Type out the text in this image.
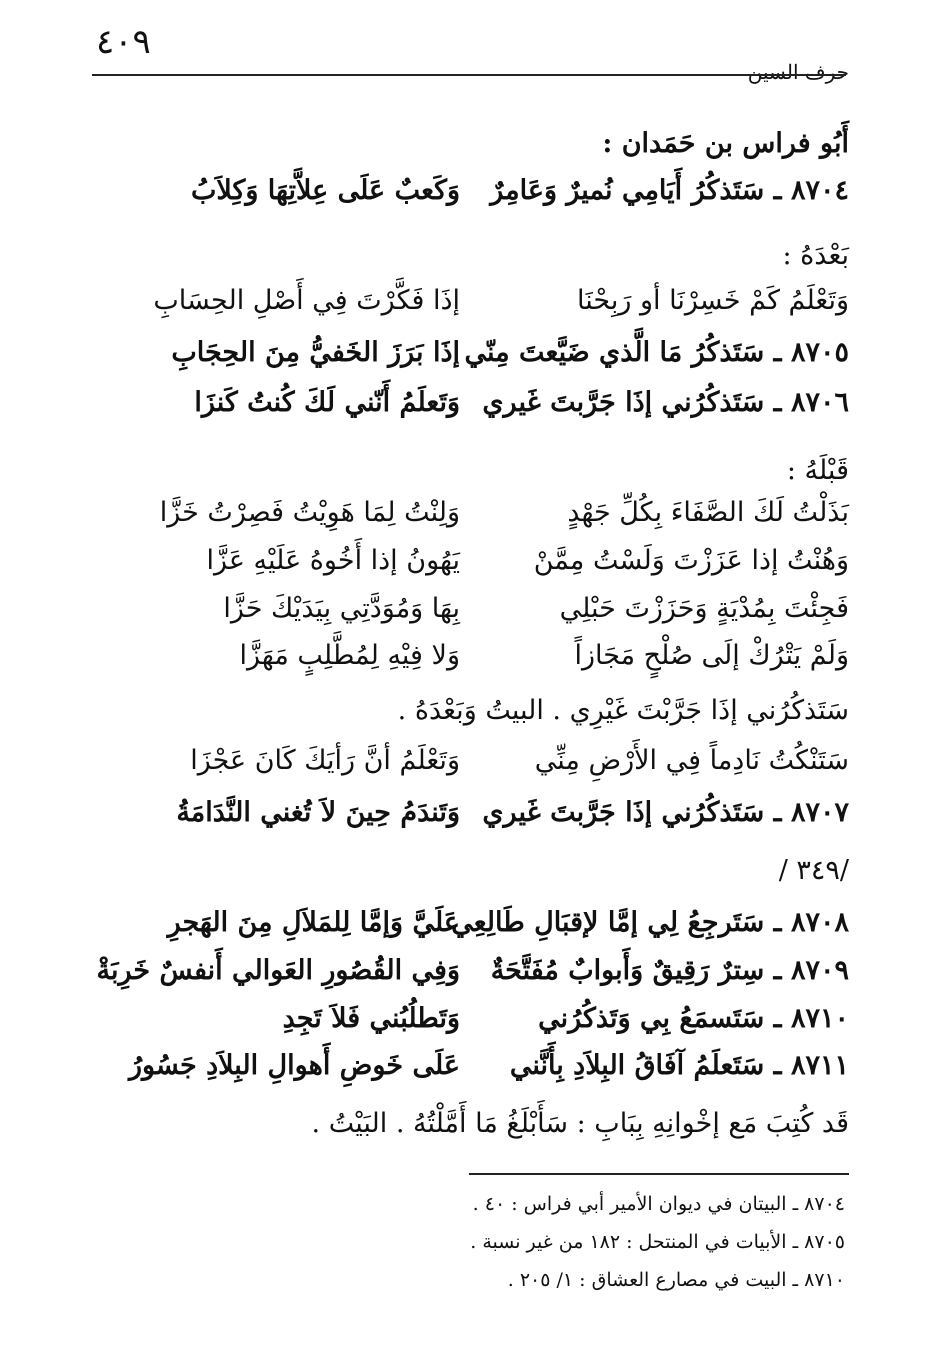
٤٠٩
حرف السين
أَبُو فراس بن حَمَدان :
٨٧٠٤ ـ سَتَذكُرُ أَيَامِي نُميرٌ وَعَامِرٌ
وَكَعبٌ عَلَى عِلاَّتِهَا وَكِلاَبُ
بَعْدَهُ :
وَتَعْلَمُ كَمْ خَسِرْنَا أو رَبِحْنَا
إذَا فَكَّرْتَ فِي أَصْلِ الحِسَابِ
٨٧٠٥ ـ سَتَذكُرُ مَا الَّذي ضَيَّعتَ مِنّي
إذَا بَرَزَ الخَفيُّ مِنَ الحِجَابِ
٨٧٠٦ ـ سَتَذكُرُني إذَا جَرَّبتَ غَيري
وَتَعلَمُ أَنّني لَكَ كُنتُ كَنزَا
قَبْلَهُ :
بَذَلْتُ لَكَ الصَّفَاءَ بِكُلِّ جَهْدٍ
وَلِنْتُ لِمَا هَوِيْتُ فَصِرْتُ خَزَّا
وَهُنْتُ إذا عَزَزْتَ وَلَسْتُ مِمَّنْ
يَهُونُ إذا أَخُوهُ عَلَيْهِ عَزَّا
فَجِئْتَ بِمُدْيَةٍ وَحَزَزْتَ حَبْلِي
بِهَا وَمُوَدَّتِي بِيَدَيْكَ حَزَّا
وَلَمْ يَتْرُكْ إلَى صُلْحٍ مَجَازاً
وَلا فِيْهِ لِمُطَّلِبٍ مَهَزَّا
سَتَذكُرُني إذَا جَرَّبْتَ غَيْرِي . البيتُ وَبَعْدَهُ .
سَتَنْكُتُ نَادِماً فِي الأَرْضِ مِنِّي
وَتَعْلَمُ أنَّ رَأيَكَ كَانَ عَجْزَا
٨٧٠٧ ـ سَتَذكُرُني إذَا جَرَّبتَ غَيري
وَتَندَمُ حِينَ لاَ تُغني النَّدَامَةُ
/٣٤٩ /
٨٧٠٨ ـ سَتَرجِعُ لِي إمَّا لإقبَالِ طَالِعِي
عَلَيَّ وَإمَّا لِلمَلاَلِ مِنَ الهَجرِ
٨٧٠٩ ـ سِترٌ رَقِيقٌ وَأَبوابٌ مُفَتَّحَةٌ
وَفِي القُصُورِ العَوالي أَنفسٌ خَرِبَةْ
٨٧١٠ ـ سَتَسمَعُ بِي وَتَذكُرُني
وَتَطلُبُني فَلاَ تَجِدِ
٨٧١١ ـ سَتَعلَمُ آفَاقُ البِلاَدِ بِأَنَّني
عَلَى خَوضِ أَهوالِ البِلاَدِ جَسُورُ
قَد كُتِبَ مَع إخْوانِهِ بِبَابِ : سَأَبْلَغُ مَا أَمَّلْتُهُ . البَيْتُ .
٨٧٠٤ ـ البيتان في ديوان الأمير أبي فراس : ٤٠ .
٨٧٠٥ ـ الأبيات في المنتحل : ١٨٢ من غير نسبة .
٨٧١٠ ـ البيت في مصارع العشاق : ١/ ٢٠٥ .
